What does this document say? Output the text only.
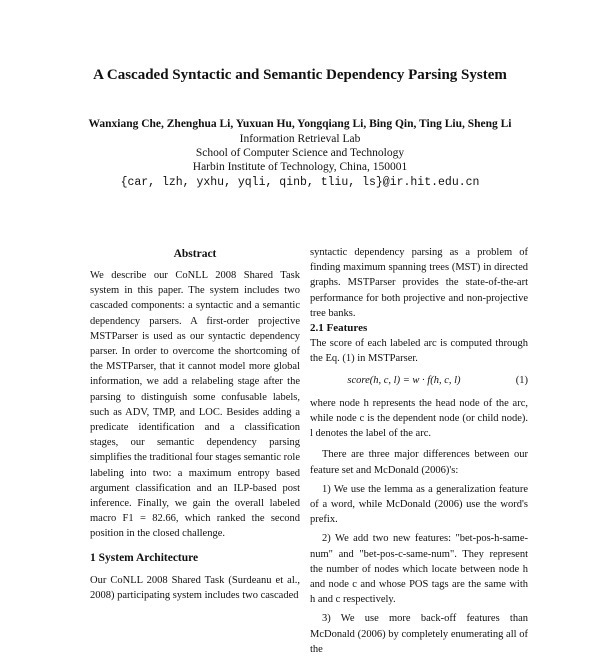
A Cascaded Syntactic and Semantic Dependency Parsing System
Wanxiang Che, Zhenghua Li, Yuxuan Hu, Yongqiang Li, Bing Qin, Ting Liu, Sheng Li
Information Retrieval Lab
School of Computer Science and Technology
Harbin Institute of Technology, China, 150001
{car, lzh, yxhu, yqli, qinb, tliu, ls}@ir.hit.edu.cn
Abstract

We describe our CoNLL 2008 Shared Task system in this paper. The system includes two cascaded components: a syntactic and a semantic dependency parsers. A first-order projective MSTParser is used as our syntactic dependency parser. In order to overcome the shortcoming of the MSTParser, that it cannot model more global information, we add a relabeling stage after the parsing to distinguish some confusable labels, such as ADV, TMP, and LOC. Besides adding a predicate identification and a classification stages, our semantic dependency parsing simplifies the traditional four stages semantic role labeling into two: a maximum entropy based argument classification and an ILP-based post inference. Finally, we gain the overall labeled macro F1 = 82.66, which ranked the second position in the closed challenge.

1 System Architecture

Our CoNLL 2008 Shared Task (Surdeanu et al., 2008) participating system includes two cascaded

syntactic dependency parsing as a problem of finding maximum spanning trees (MST) in directed graphs. MSTParser provides the state-of-the-art performance for both projective and non-projective tree banks.

2.1 Features

The score of each labeled arc is computed through the Eq. (1) in MSTParser.

score(h, c, l) = w · f(h, c, l)	(1)

where node h represents the head node of the arc, while node c is the dependent node (or child node). l denotes the label of the arc.

There are three major differences between our feature set and McDonald (2006)'s:

1) We use the lemma as a generalization feature of a word, while McDonald (2006) use the word's prefix.

2) We add two new features: "bet-pos-h-same-num" and "bet-pos-c-same-num". They represent the number of nodes which locate between node h and node c and whose POS tags are the same with h and c respectively.

3) We use more back-off features than McDonald (2006) by completely enumerating all of the
